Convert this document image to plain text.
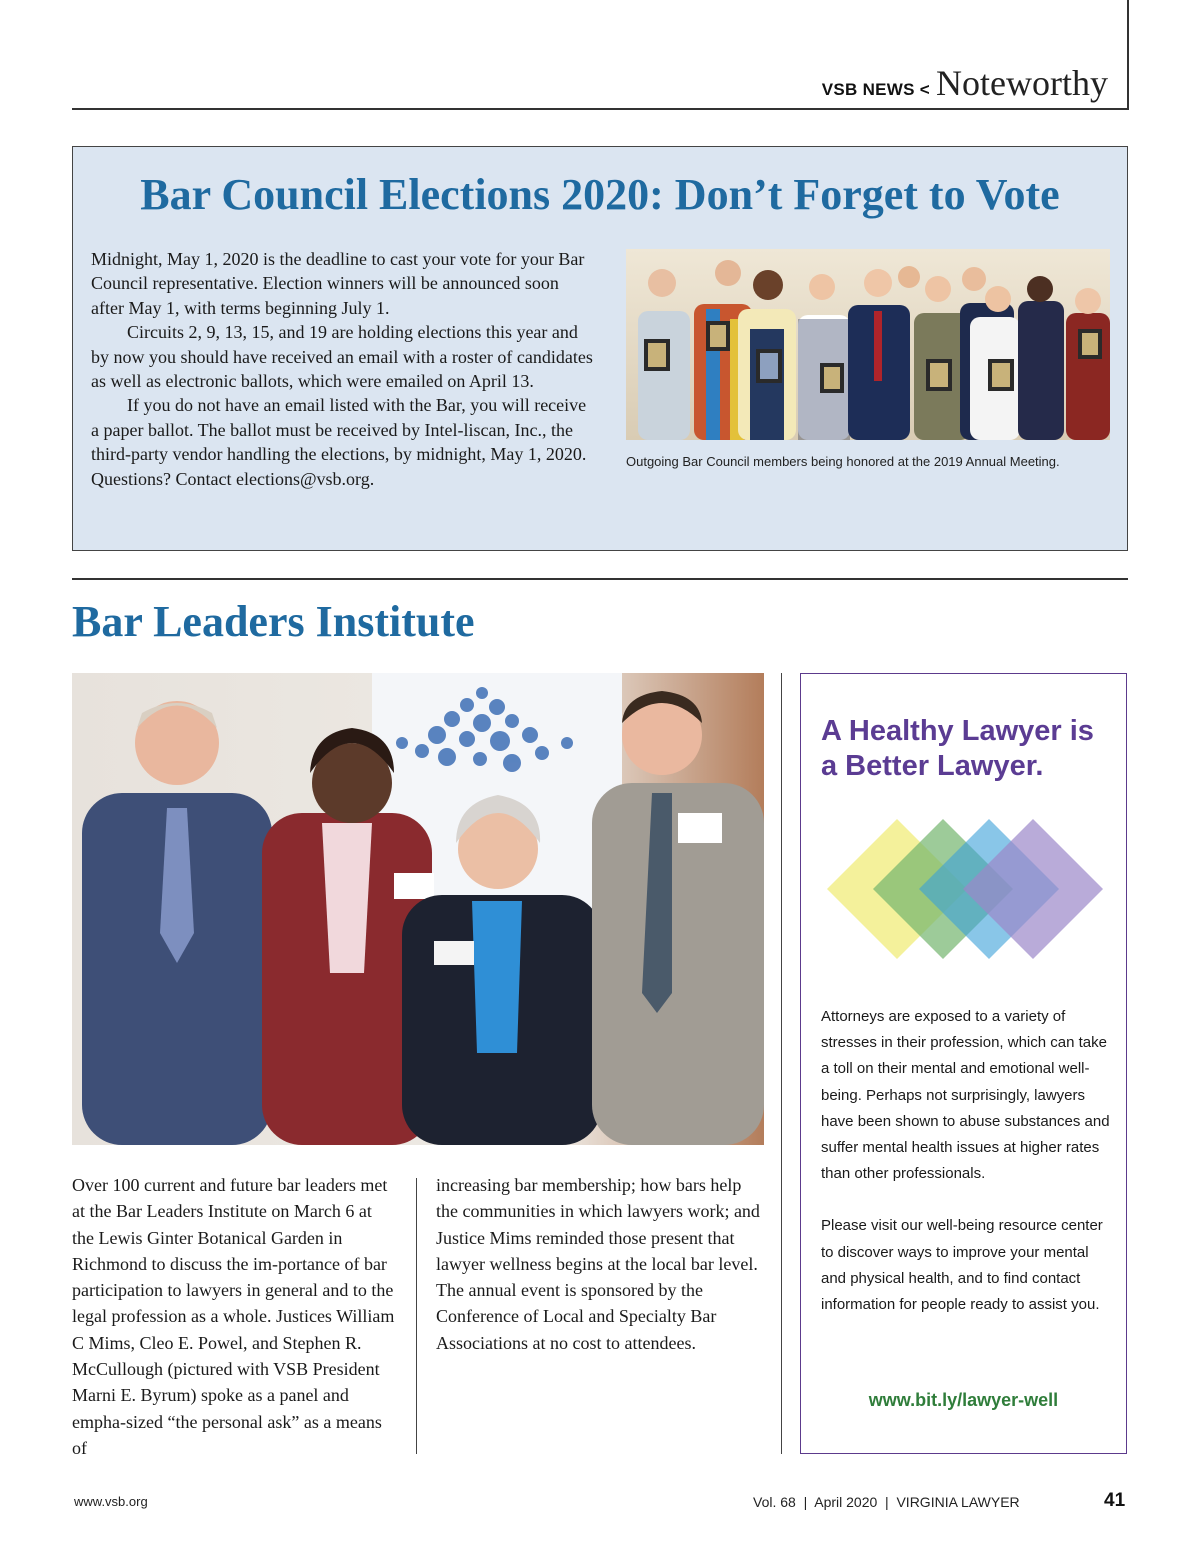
VSB NEWS < Noteworthy
Bar Council Elections 2020: Don’t Forget to Vote

Midnight, May 1, 2020 is the deadline to cast your vote for your Bar Council representative. Election winners will be announced soon after May 1, with terms beginning July 1.

Circuits 2, 9, 13, 15, and 19 are holding elections this year and by now you should have received an email with a roster of candidates as well as electronic ballots, which were emailed on April 13.

If you do not have an email listed with the Bar, you will receive a paper ballot. The ballot must be received by Intel-liscan, Inc., the third-party vendor handling the elections, by midnight, May 1, 2020. Questions? Contact elections@vsb.org.

Outgoing Bar Council members being honored at the 2019 Annual Meeting.
Bar Leaders Institute
Over 100 current and future bar leaders met at the Bar Leaders Institute on March 6 at the Lewis Ginter Botanical Garden in Richmond to discuss the im-portance of bar participation to lawyers in general and to the legal profession as a whole. Justices William C Mims, Cleo E. Powel, and Stephen R. McCullough (pictured with VSB President Marni E. Byrum) spoke as a panel and empha-sized “the personal ask” as a means of
increasing bar membership; how bars help the communities in which lawyers work; and Justice Mims reminded those present that lawyer wellness begins at the local bar level. The annual event is sponsored by the Conference of Local and Specialty Bar Associations at no cost to attendees.
A Healthy Lawyer is a Better Lawyer.

Attorneys are exposed to a variety of stresses in their profession, which can take a toll on their mental and emotional well-being. Perhaps not surprisingly, lawyers have been shown to abuse substances and suffer mental health issues at higher rates than other professionals.

Please visit our well-being resource center to discover ways to improve your mental and physical health, and to find contact information for people ready to assist you.

www.bit.ly/lawyer-well
www.vsb.org	Vol. 68  |  April 2020  |  VIRGINIA LAWYER	41
